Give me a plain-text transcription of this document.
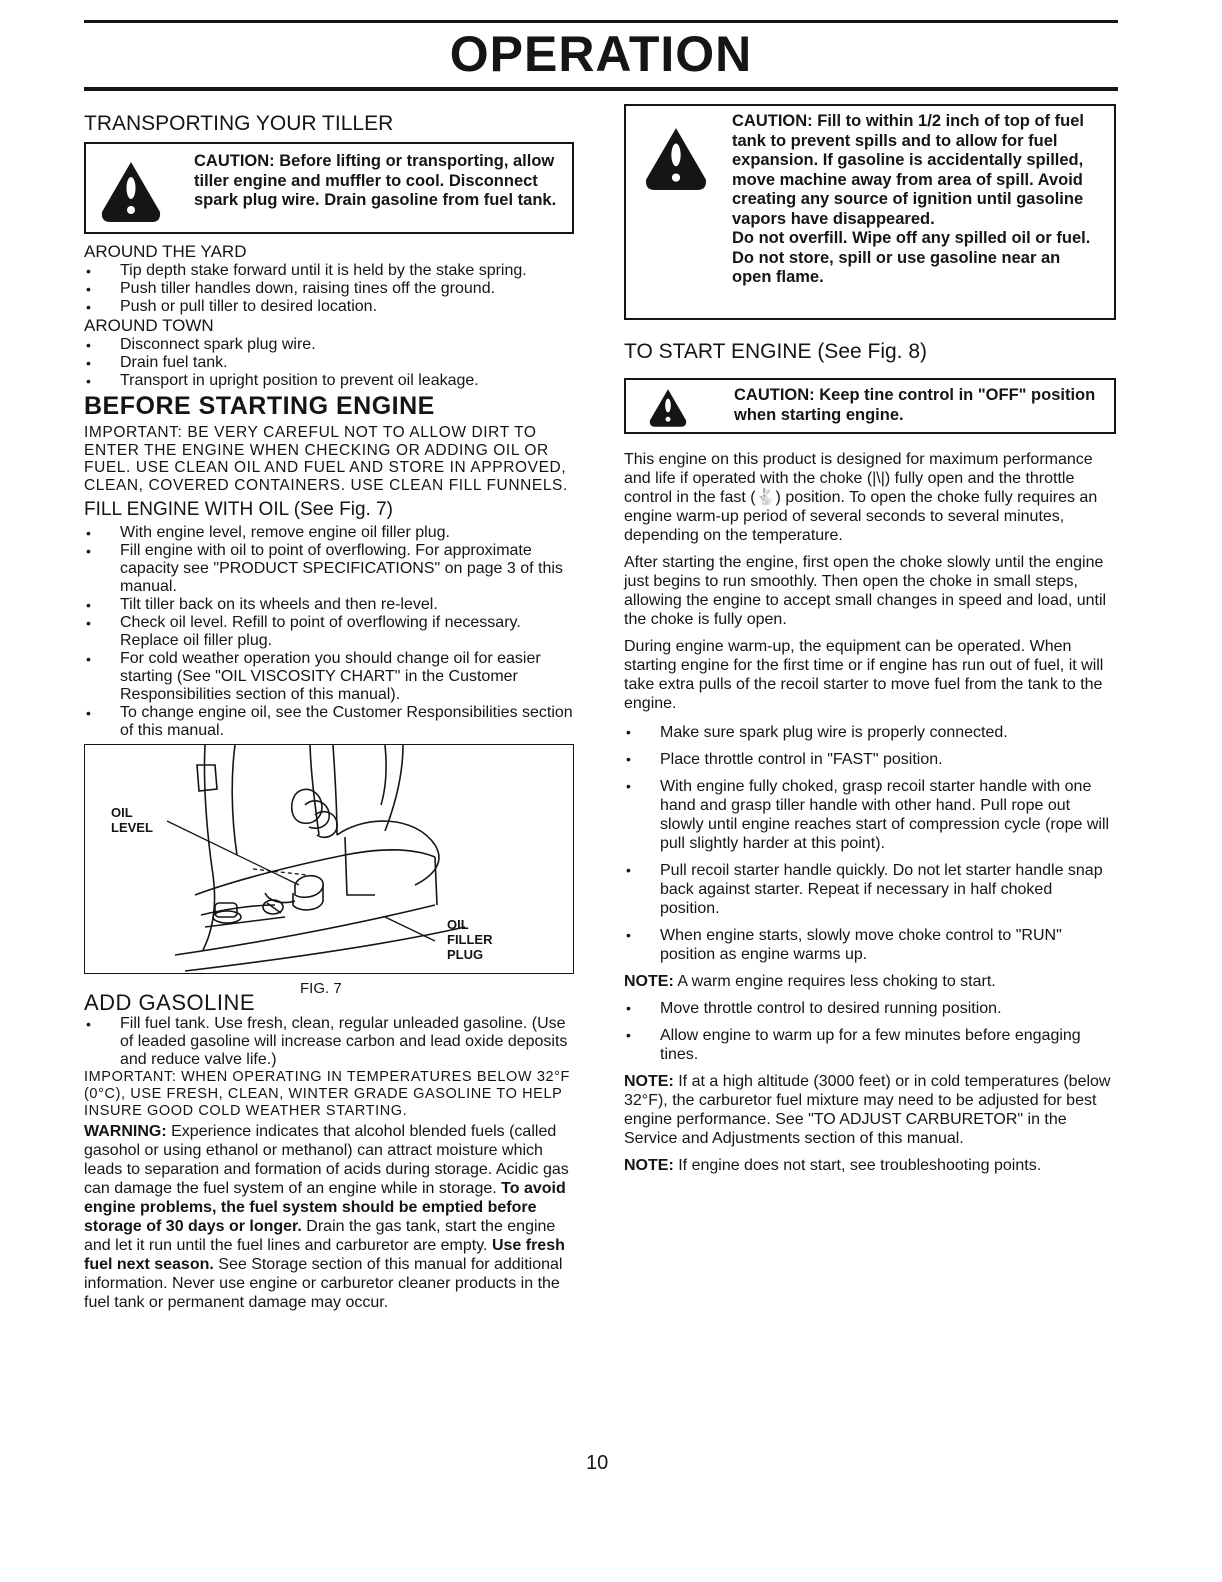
OPERATION
TRANSPORTING YOUR TILLER

CAUTION: Before lifting or transporting, allow tiller engine and muffler to cool. Disconnect spark plug wire. Drain gasoline from fuel tank.

AROUND THE YARD
• Tip depth stake forward until it is held by the stake spring.
• Push tiller handles down, raising tines off the ground.
• Push or pull tiller to desired location.
AROUND TOWN
• Disconnect spark plug wire.
• Drain fuel tank.
• Transport in upright position to prevent oil leakage.
BEFORE STARTING ENGINE

IMPORTANT: BE VERY CAREFUL NOT TO ALLOW DIRT TO ENTER THE ENGINE WHEN CHECKING OR ADDING OIL OR FUEL. USE CLEAN OIL AND FUEL AND STORE IN APPROVED, CLEAN, COVERED CONTAINERS. USE CLEAN FILL FUNNELS.

FILL ENGINE WITH OIL (See Fig. 7)
• With engine level, remove engine oil filler plug.
• Fill engine with oil to point of overflowing. For approximate capacity see "PRODUCT SPECIFICATIONS" on page 3 of this manual.
• Tilt tiller back on its wheels and then re-level.
• Check oil level. Refill to point of overflowing if necessary. Replace oil filler plug.
• For cold weather operation you should change oil for easier starting (See "OIL VISCOSITY CHART" in the Customer Responsibilities section of this manual).
• To change engine oil, see the Customer Responsibilities section of this manual.
OIL
LEVEL
OIL
FILLER
PLUG

FIG. 7

ADD GASOLINE
• Fill fuel tank. Use fresh, clean, regular unleaded gasoline. (Use of leaded gasoline will increase carbon and lead oxide deposits and reduce valve life.)

IMPORTANT: WHEN OPERATING IN TEMPERATURES BELOW 32°F (0°C), USE FRESH, CLEAN, WINTER GRADE GASOLINE TO HELP INSURE GOOD COLD WEATHER STARTING.

WARNING: Experience indicates that alcohol blended fuels (called gasohol or using ethanol or methanol) can attract moisture which leads to separation and formation of acids during storage. Acidic gas can damage the fuel system of an engine while in storage. To avoid engine problems, the fuel system should be emptied before storage of 30 days or longer. Drain the gas tank, start the engine and let it run until the fuel lines and carburetor are empty. Use fresh fuel next season. See Storage section of this manual for additional information. Never use engine or carburetor cleaner products in the fuel tank or permanent damage may occur.

10

CAUTION: Fill to within 1/2 inch of top of fuel tank to prevent spills and to allow for fuel expansion. If gasoline is accidentally spilled, move machine away from area of spill. Avoid creating any source of ignition until gasoline vapors have disappeared.

Do not overfill. Wipe off any spilled oil or fuel. Do not store, spill or use gasoline near an open flame.

TO START ENGINE (See Fig. 8)

CAUTION: Keep tine control in "OFF" position when starting engine.

This engine on this product is designed for maximum performance and life if operated with the choke (|\|) fully open and the throttle control in the fast (🐇) position. To open the choke fully requires an engine warm-up period of several seconds to several minutes, depending on the temperature.

After starting the engine, first open the choke slowly until the engine just begins to run smoothly. Then open the choke in small steps, allowing the engine to accept small changes in speed and load, until the choke is fully open.

During engine warm-up, the equipment can be operated. When starting engine for the first time or if engine has run out of fuel, it will take extra pulls of the recoil starter to move fuel from the tank to the engine.

• Make sure spark plug wire is properly connected.
• Place throttle control in "FAST" position.
• With engine fully choked, grasp recoil starter handle with one hand and grasp tiller handle with other hand. Pull rope out slowly until engine reaches start of compression cycle (rope will pull slightly harder at this point).
• Pull recoil starter handle quickly. Do not let starter handle snap back against starter. Repeat if necessary in half choked position.
• When engine starts, slowly move choke control to "RUN" position as engine warms up.

NOTE: A warm engine requires less choking to start.

• Move throttle control to desired running position.
• Allow engine to warm up for a few minutes before engaging tines.

NOTE: If at a high altitude (3000 feet) or in cold temperatures (below 32°F), the carburetor fuel mixture may need to be adjusted for best engine performance. See "TO ADJUST CARBURETOR" in the Service and Adjustments section of this manual.

NOTE: If engine does not start, see troubleshooting points.
